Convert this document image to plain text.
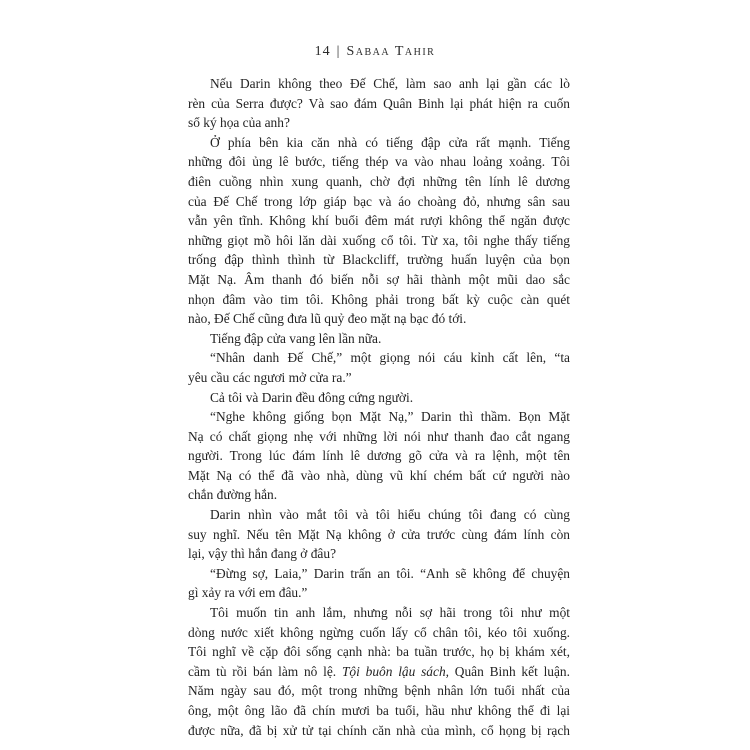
14 | Sabaa Tahir
Nếu Darin không theo Đế Chế, làm sao anh lại gần các lò
rèn của Serra được? Và sao đám Quân Binh lại phát hiện ra cuốn
sổ ký họa của anh?
Ở phía bên kia căn nhà có tiếng đập cửa rất mạnh. Tiếng
những đôi ủng lê bước, tiếng thép va vào nhau loảng xoảng. Tôi
điên cuồng nhìn xung quanh, chờ đợi những tên lính lê dương
của Đế Chế trong lớp giáp bạc và áo choàng đỏ, nhưng sân sau
vẫn yên tĩnh. Không khí buổi đêm mát rượi không thể ngăn được
những giọt mồ hôi lăn dài xuống cổ tôi. Từ xa, tôi nghe thấy tiếng
trống đập thình thình từ Blackcliff, trường huấn luyện của bọn
Mặt Nạ. Âm thanh đó biến nỗi sợ hãi thành một mũi dao sắc
nhọn đâm vào tim tôi. Không phải trong bất kỳ cuộc càn quét
nào, Đế Chế cũng đưa lũ quỷ đeo mặt nạ bạc đó tới.
Tiếng đập cửa vang lên lần nữa.
“Nhân danh Đế Chế,” một giọng nói cáu kỉnh cất lên, “ta
yêu cầu các ngươi mở cửa ra.”
Cả tôi và Darin đều đông cứng người.
“Nghe không giống bọn Mặt Nạ,” Darin thì thầm. Bọn Mặt
Nạ có chất giọng nhẹ với những lời nói như thanh đao cắt ngang
người. Trong lúc đám lính lê dương gõ cửa và ra lệnh, một tên
Mặt Nạ có thể đã vào nhà, dùng vũ khí chém bất cứ người nào
chắn đường hắn.
Darin nhìn vào mắt tôi và tôi hiểu chúng tôi đang có cùng
suy nghĩ. Nếu tên Mặt Nạ không ở cửa trước cùng đám lính còn
lại, vậy thì hắn đang ở đâu?
“Đừng sợ, Laia,” Darin trấn an tôi. “Anh sẽ không để chuyện
gì xảy ra với em đâu.”
Tôi muốn tin anh lắm, nhưng nỗi sợ hãi trong tôi như một
dòng nước xiết không ngừng cuốn lấy cổ chân tôi, kéo tôi xuống.
Tôi nghĩ về cặp đôi sống cạnh nhà: ba tuần trước, họ bị khám xét,
cầm tù rồi bán làm nô lệ. Tội buôn lậu sách, Quân Binh kết luận.
Năm ngày sau đó, một trong những bệnh nhân lớn tuổi nhất của
ông, một ông lão đã chín mươi ba tuổi, hầu như không thể đi lại
được nữa, đã bị xử tử tại chính căn nhà của mình, cổ họng bị rạch
